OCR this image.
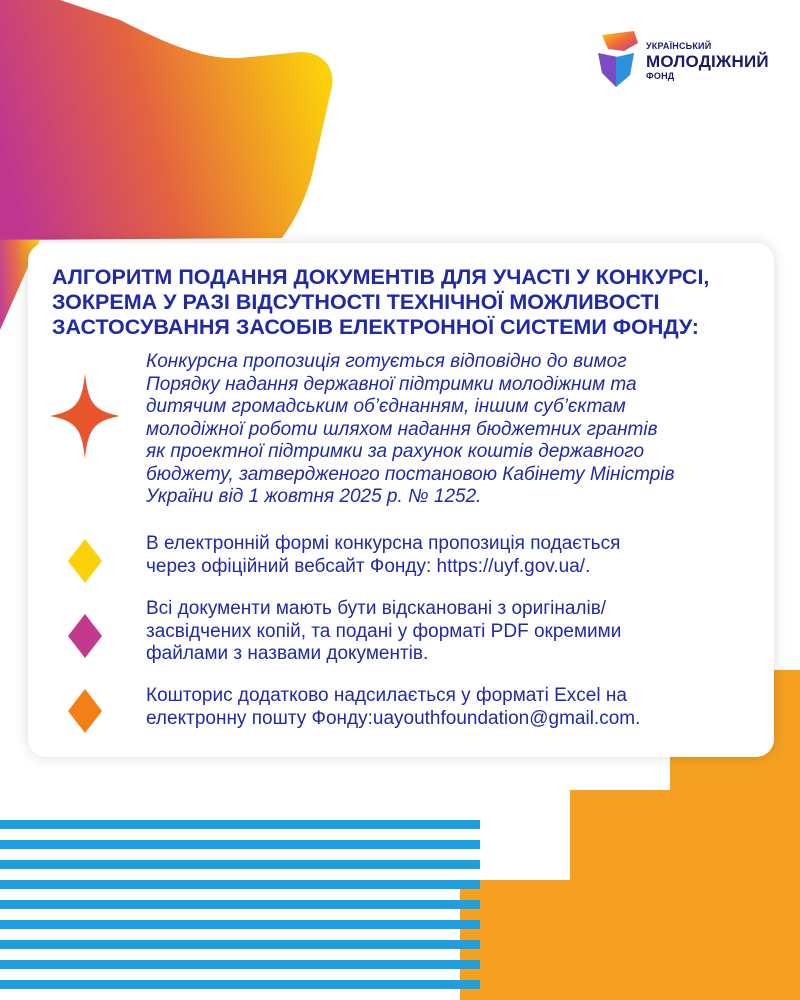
УКРАЇНСЬКИЙ
МОЛОДІЖНИЙ
ФОНД
АЛГОРИТМ ПОДАННЯ ДОКУМЕНТІВ ДЛЯ УЧАСТІ У КОНКУРСІ,
ЗОКРЕМА У РАЗІ ВІДСУТНОСТІ ТЕХНІЧНОЇ МОЖЛИВОСТІ
ЗАСТОСУВАННЯ ЗАСОБІВ ЕЛЕКТРОННОЇ СИСТЕМИ ФОНДУ:
Конкурсна пропозиція готується відповідно до вимог
Порядку надання державної підтримки молодіжним та
дитячим громадським об’єднанням, іншим суб’єктам
молодіжної роботи шляхом надання бюджетних грантів
як проектної підтримки за рахунок коштів державного
бюджету, затвердженого постановою Кабінету Міністрів
України від 1 жовтня 2025 р. № 1252.
В електронній формі конкурсна пропозиція подається
через офіційний вебсайт Фонду: https://uyf.gov.ua/.
Всі документи мають бути відскановані з оригіналів/
засвідчених копій, та подані у форматі PDF окремими
файлами з назвами документів.
Кошторис додатково надсилається у форматі Excel на
електронну пошту Фонду:uayouthfoundation@gmail.com.
